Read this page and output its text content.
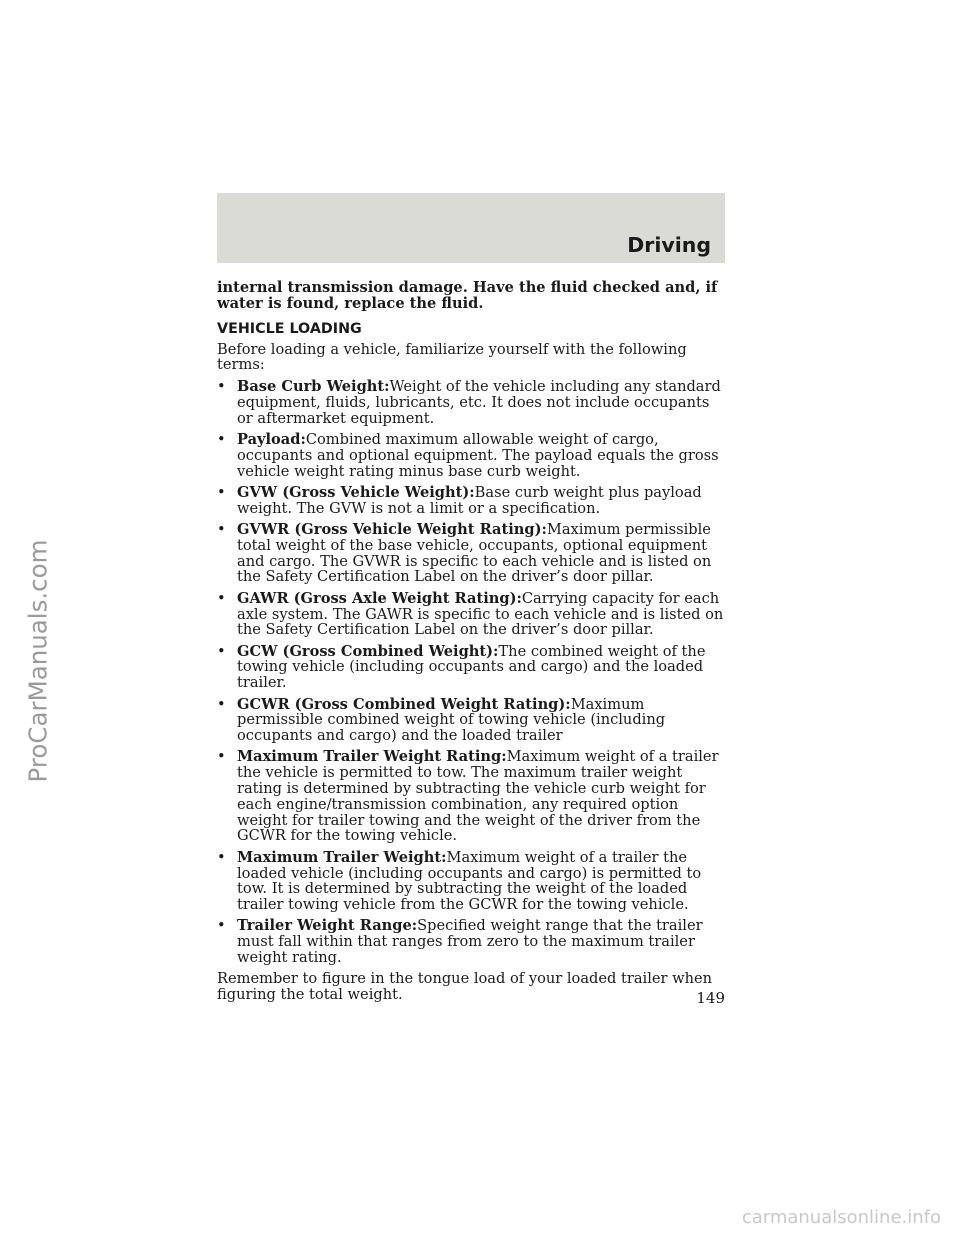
Driving
ProCarManuals.com

internal transmission damage. Have the fluid checked and, if water is found, replace the fluid.

VEHICLE LOADING

Before loading a vehicle, familiarize yourself with the following terms:

• Base Curb Weight:Weight of the vehicle including any standard equipment, fluids, lubricants, etc. It does not include occupants or aftermarket equipment.
• Payload:Combined maximum allowable weight of cargo, occupants and optional equipment. The payload equals the gross vehicle weight rating minus base curb weight.
• GVW (Gross Vehicle Weight):Base curb weight plus payload weight. The GVW is not a limit or a specification.
• GVWR (Gross Vehicle Weight Rating):Maximum permissible total weight of the base vehicle, occupants, optional equipment and cargo. The GVWR is specific to each vehicle and is listed on the Safety Certification Label on the driver’s door pillar.
• GAWR (Gross Axle Weight Rating):Carrying capacity for each axle system. The GAWR is specific to each vehicle and is listed on the Safety Certification Label on the driver’s door pillar.
• GCW (Gross Combined Weight):The combined weight of the towing vehicle (including occupants and cargo) and the loaded trailer.
• GCWR (Gross Combined Weight Rating):Maximum permissible combined weight of towing vehicle (including occupants and cargo) and the loaded trailer
• Maximum Trailer Weight Rating:Maximum weight of a trailer the vehicle is permitted to tow. The maximum trailer weight rating is determined by subtracting the vehicle curb weight for each engine/transmission combination, any required option weight for trailer towing and the weight of the driver from the GCWR for the towing vehicle.
• Maximum Trailer Weight:Maximum weight of a trailer the loaded vehicle (including occupants and cargo) is permitted to tow. It is determined by subtracting the weight of the loaded trailer towing vehicle from the GCWR for the towing vehicle.
• Trailer Weight Range:Specified weight range that the trailer must fall within that ranges from zero to the maximum trailer weight rating.

Remember to figure in the tongue load of your loaded trailer when figuring the total weight.	149
carmanualsonline.info
